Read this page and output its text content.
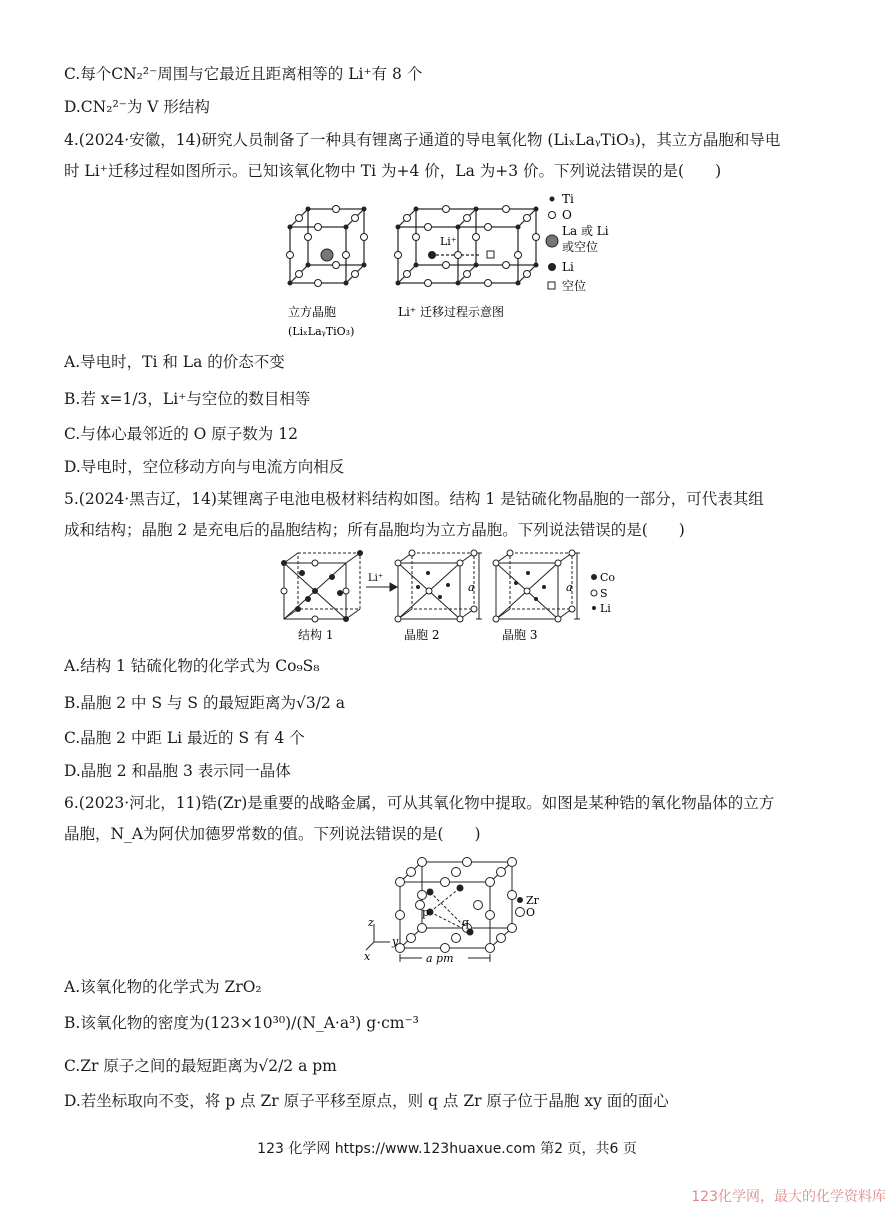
C.每个CN₂²⁻周围与它最近且距离相等的 Li⁺有 8 个
D.CN₂²⁻为 V 形结构
4.(2024·安徽，14)研究人员制备了一种具有锂离子通道的导电氧化物 (LiₓLaᵧTiO₃)，其立方晶胞和导电
时 Li⁺迁移过程如图所示。已知该氧化物中 Ti 为+4 价，La 为+3 价。下列说法错误的是(　　)
Li⁺
Ti
O
La 或 Li
或空位
Li
空位
立方晶胞
(LiₓLaᵧTiO₃)
Li⁺ 迁移过程示意图
A.导电时，Ti 和 La 的价态不变
B.若 x=1/3，Li⁺与空位的数目相等
C.与体心最邻近的 O 原子数为 12
D.导电时，空位移动方向与电流方向相反
5.(2024·黑吉辽，14)某锂离子电池电极材料结构如图。结构 1 是钴硫化物晶胞的一部分，可代表其组
成和结构；晶胞 2 是充电后的晶胞结构；所有晶胞均为立方晶胞。下列说法错误的是(　　)
Li⁺
a	a
Co
S
Li
结构 1	晶胞 2	晶胞 3
A.结构 1 钴硫化物的化学式为 Co₉S₈
B.晶胞 2 中 S 与 S 的最短距离为√3/2 a
C.晶胞 2 中距 Li 最近的 S 有 4 个
D.晶胞 2 和晶胞 3 表示同一晶体
6.(2023·河北，11)锆(Zr)是重要的战略金属，可从其氧化物中提取。如图是某种锆的氧化物晶体的立方
晶胞，N_A为阿伏加德罗常数的值。下列说法错误的是(　　)
p
q
z
y
x	a pm
Zr
O
A.该氧化物的化学式为 ZrO₂
B.该氧化物的密度为(123×10³⁰)/(N_A·a³) g·cm⁻³
C.Zr 原子之间的最短距离为√2/2 a pm
D.若坐标取向不变，将 p 点 Zr 原子平移至原点，则 q 点 Zr 原子位于晶胞 xy 面的面心
123 化学网 https://www.123huaxue.com 第2 页，共6 页
123化学网，最大的化学资料库
